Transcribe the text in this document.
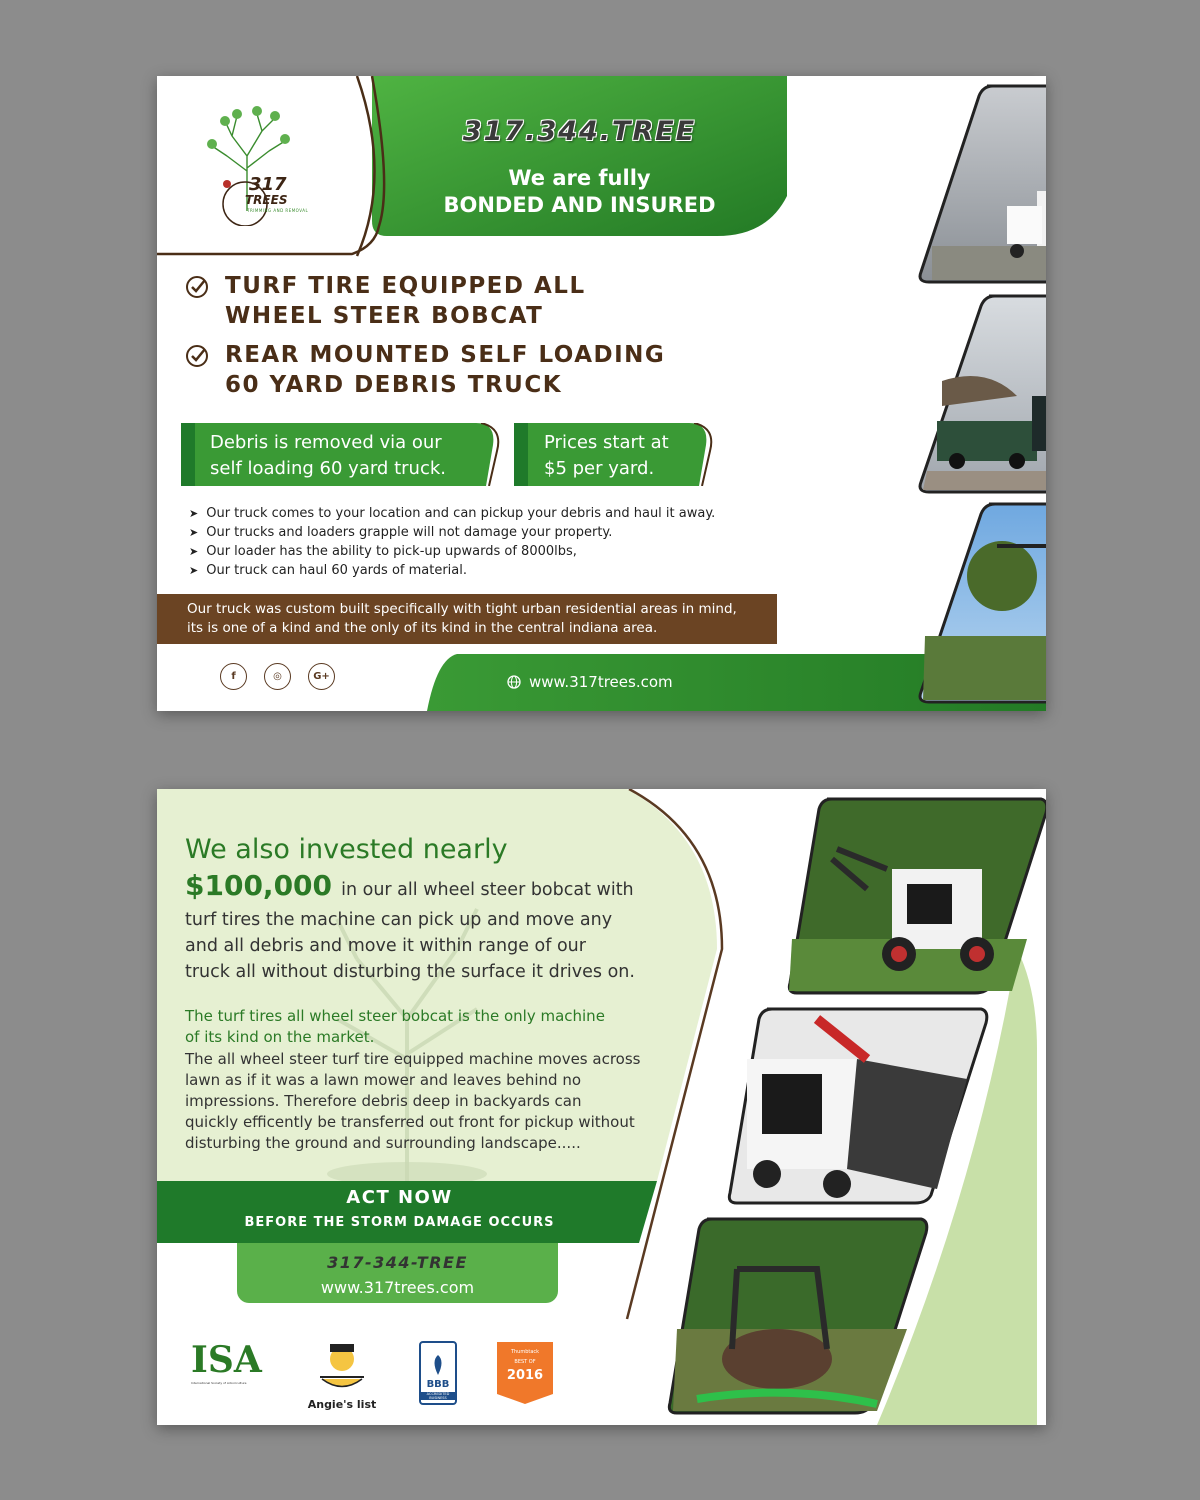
317
TREES
TRIMMING AND REMOVAL
317.344.TREE
We are fully
BONDED AND INSURED
TURF TIRE EQUIPPED ALL
WHEEL STEER BOBCAT
REAR MOUNTED SELF LOADING
60 YARD DEBRIS TRUCK
Debris is removed via our
self loading 60 yard truck.
Prices start at
$5 per yard.
➤ Our truck comes to your location and can pickup your debris and haul it away.
➤ Our trucks and loaders grapple will not damage your property.
➤ Our loader has the ability to pick-up upwards of 8000lbs,
➤ Our truck can haul 60 yards of material.
Our truck was custom built specifically with tight urban residential areas in mind,
its is one of a kind and the only of its kind in the central indiana area.
f	◎	G+	www.317trees.com
We also invested nearly
$100,000 in our all wheel steer bobcat with
turf tires the machine can pick up and move any
and all debris and move it within range of our
truck all without disturbing the surface it drives on.
The turf tires all wheel steer bobcat is the only machine
of its kind on the market.
The all wheel steer turf tire equipped machine moves across
lawn as if it was a lawn mower and leaves behind no
impressions. Therefore debris deep in backyards can
quickly efficently be transferred out front for pickup without
disturbing the ground and surrounding landscape.....
ACT NOW
BEFORE THE STORM DAMAGE OCCURS
317-344-TREE
www.317trees.com
ISA
International Society of Arboriculture
Angie's list
BBB
ACCREDITED BUSINESS
Thumbtack
BEST OF
2016
